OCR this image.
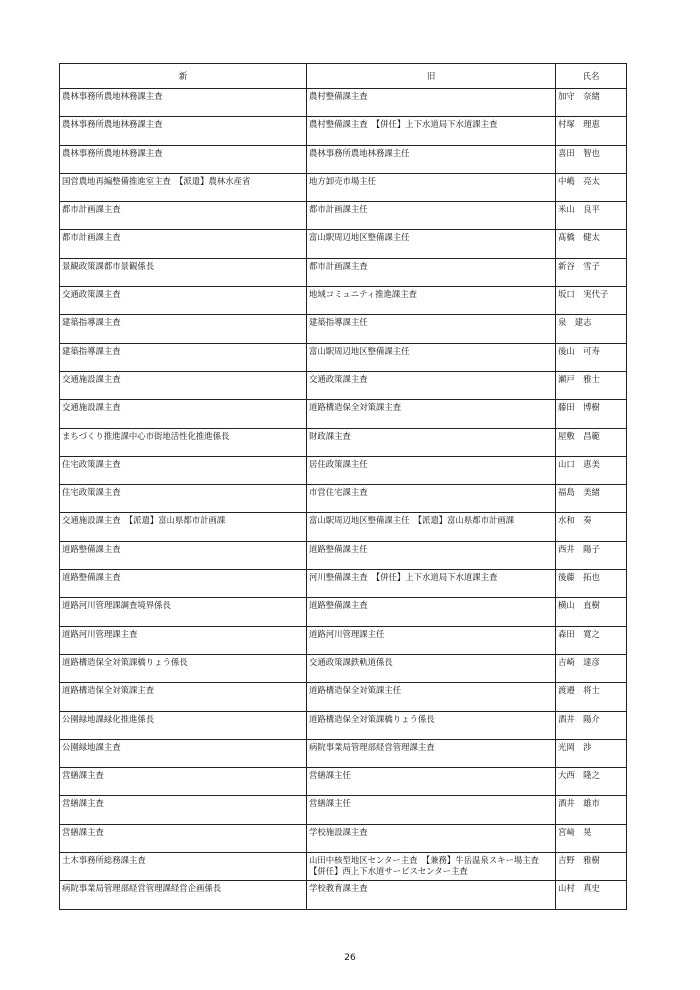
新	旧	氏名
農林事務所農地林務課主査	農村整備課主査	加守　奈緒
農林事務所農地林務課主査	農村整備課主査　【併任】上下水道局下水道課主査	村塚　理恵
農林事務所農地林務課主査	農林事務所農地林務課主任	喜田　智也
国営農地再編整備推進室主査　【派遣】農林水産省	地方卸売市場主任	中嶋　亮太
都市計画課主査	都市計画課主任	米山　良平
都市計画課主査	富山駅周辺地区整備課主任	髙橋　健太
景観政策課都市景観係長	都市計画課主査	新谷　雪子
交通政策課主査	地域コミュニティ推進課主査	坂口　実代子
建築指導課主査	建築指導課主任	泉　建志
建築指導課主査	富山駅周辺地区整備課主任	後山　可寿
交通施設課主査	交通政策課主査	瀬戸　雅士
交通施設課主査	道路構造保全対策課主査	藤田　博樹
まちづくり推進課中心市街地活性化推進係長	財政課主査	屋敷　昌範
住宅政策課主査	居住政策課主任	山口　恵美
住宅政策課主査	市営住宅課主査	福島　美緒
交通施設課主査　【派遣】富山県都市計画課	富山駅周辺地区整備課主任　【派遣】富山県都市計画課	水和　奏
道路整備課主査	道路整備課主任	西井　陽子
道路整備課主査	河川整備課主査　【併任】上下水道局下水道課主査	後藤　拓也
道路河川管理課調査境界係長	道路整備課主査	横山　直樹
道路河川管理課主査	道路河川管理課主任	森田　寛之
道路構造保全対策課橋りょう係長	交通政策課鉄軌道係長	吉崎　達彦
道路構造保全対策課主査	道路構造保全対策課主任	渡邉　将士
公園緑地課緑化推進係長	道路構造保全対策課橋りょう係長	酒井　陽介
公園緑地課主査	病院事業局管理部経営管理課主査	光岡　渉
営繕課主査	営繕課主任	大西　隆之
営繕課主査	営繕課主任	酒井　雄市
営繕課主査	学校施設課主査	宮﨑　晃
土木事務所総務課主査	山田中核型地区センター主査　【兼務】牛岳温泉スキー場主査　【併任】西上下水道サービスセンター主査	吉野　雅樹
病院事業局管理部経営管理課経営企画係長	学校教育課主査	山村　真史
26
